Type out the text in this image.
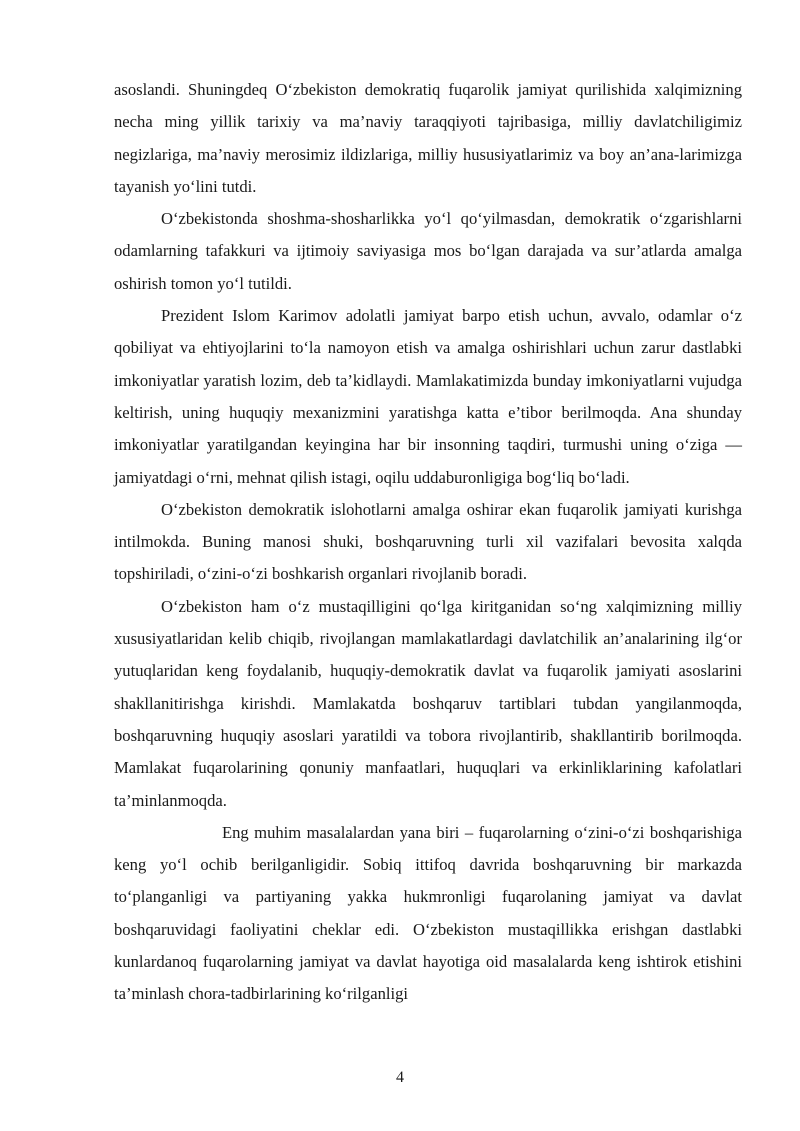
asoslandi. Shuningdeq O‘zbekiston demokratiq fuqarolik jamiyat qurilishida xalqimizning necha ming yillik tarixiy va ma’naviy taraqqiyoti tajribasiga, milliy davlatchiligimiz negizlariga, ma’naviy merosimiz ildizlariga, milliy hususiyatlarimiz va boy an’ana-larimizga tayanish yo‘lini tutdi.

O‘zbekistonda shoshma-shosharlikka yo‘l qo‘yilmasdan, demokratik o‘zgarishlarni odamlarning tafakkuri va ijtimoiy saviyasiga mos bo‘lgan darajada va sur’atlarda amalga oshirish tomon yo‘l tutildi.

Prezident Islom Karimov adolatli jamiyat barpo etish uchun, avvalo, odamlar o‘z qobiliyat va ehtiyojlarini to‘la namoyon etish va amalga oshirishlari uchun zarur dastlabki imkoniyatlar yaratish lozim, deb ta’kidlaydi. Mamlakatimizda bunday imkoniyatlarni vujudga keltirish, uning huquqiy mexanizmini yaratishga katta e’tibor berilmoqda. Ana shunday imkoniyatlar yaratilgandan keyingina har bir insonning taqdiri, turmushi uning o‘ziga — jamiyatdagi o‘rni, mehnat qilish istagi, oqilu uddaburonligiga bog‘liq bo‘ladi.

O‘zbekiston demokratik islohotlarni amalga oshirar ekan fuqarolik jamiyati kurishga intilmokda. Buning manosi shuki, boshqaruvning turli xil vazifalari bevosita xalqda topshiriladi, o‘zini-o‘zi boshkarish organlari rivojlanib boradi.

O‘zbekiston ham o‘z mustaqilligini qo‘lga kiritganidan so‘ng xalqimizning milliy xususiyatlaridan kelib chiqib, rivojlangan mamlakatlardagi davlatchilik an’analarining ilg‘or yutuqlaridan keng foydalanib, huquqiy-demokratik davlat va fuqarolik jamiyati asoslarini shakllanitirishga kirishdi. Mamlakatda boshqaruv tartiblari tubdan yangilanmoqda, boshqaruvning huquqiy asoslari yaratildi va tobora rivojlantirib, shakllantirib borilmoqda. Mamlakat fuqarolarining qonuniy manfaatlari, huquqlari va erkinliklarining kafolatlari ta’minlanmoqda.

Eng muhim masalalardan yana biri – fuqarolarning o‘zini-o‘zi boshqarishiga keng yo‘l ochib berilganligidir. Sobiq ittifoq davrida boshqaruvning bir markazda to‘planganligi va partiyaning yakka hukmronligi fuqarolaning jamiyat va davlat boshqaruvidagi faoliyatini cheklar edi. O‘zbekiston mustaqillikka erishgan dastlabki kunlardanoq fuqarolarning jamiyat va davlat hayotiga oid masalalarda keng ishtirok etishini ta’minlash chora-tadbirlarining ko‘rilganligi

4
